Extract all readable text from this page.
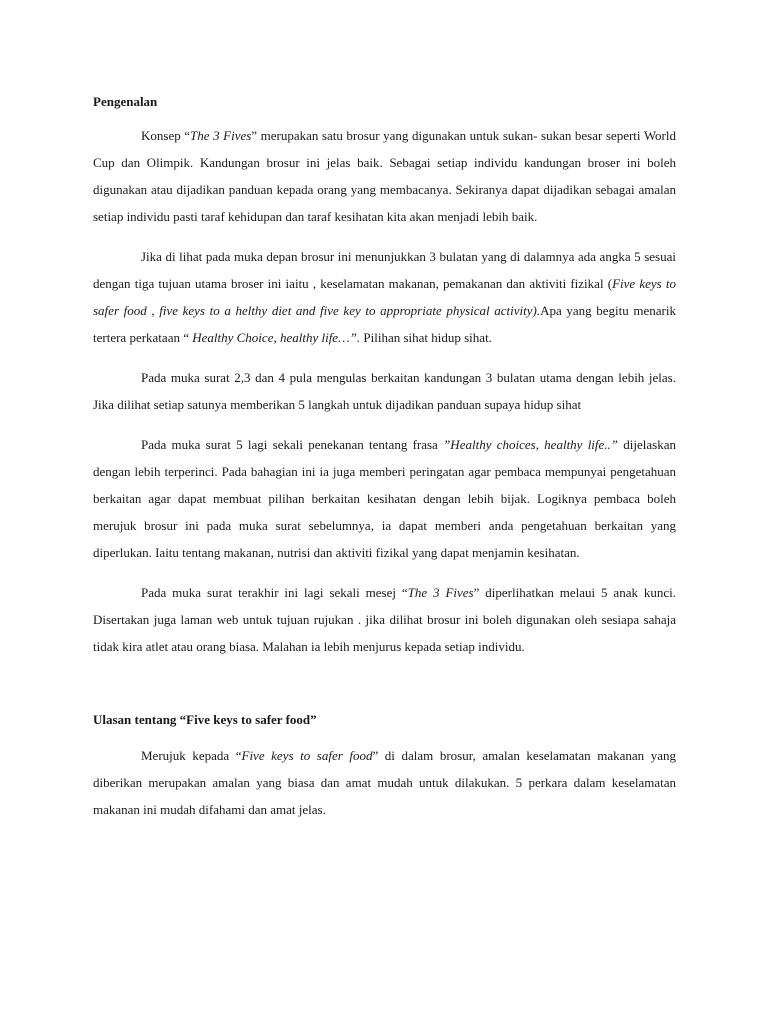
Pengenalan

Konsep “The 3 Fives” merupakan satu brosur yang digunakan untuk sukan- sukan besar seperti World Cup dan Olimpik. Kandungan brosur ini jelas baik. Sebagai setiap individu kandungan broser ini boleh digunakan atau dijadikan panduan kepada orang yang membacanya. Sekiranya dapat dijadikan sebagai amalan setiap individu pasti taraf kehidupan dan taraf kesihatan kita akan menjadi lebih baik.

Jika di lihat pada muka depan brosur ini menunjukkan 3 bulatan yang di dalamnya ada angka 5 sesuai dengan tiga tujuan utama broser ini iaitu , keselamatan makanan, pemakanan dan aktiviti fizikal (Five keys to safer food , five keys to a helthy diet and five key to appropriate physical activity).Apa yang begitu menarik tertera perkataan “ Healthy Choice, healthy life…”. Pilihan sihat hidup sihat.

Pada muka surat 2,3 dan 4 pula mengulas berkaitan kandungan 3 bulatan utama dengan lebih jelas. Jika dilihat setiap satunya memberikan 5 langkah untuk dijadikan panduan supaya hidup sihat

Pada muka surat 5 lagi sekali penekanan tentang frasa ”Healthy choices, healthy life..” dijelaskan dengan lebih terperinci. Pada bahagian ini ia juga memberi peringatan agar pembaca mempunyai pengetahuan berkaitan agar dapat membuat pilihan berkaitan kesihatan dengan lebih bijak. Logiknya pembaca boleh merujuk brosur ini pada muka surat sebelumnya, ia dapat memberi anda pengetahuan berkaitan yang diperlukan. Iaitu tentang makanan, nutrisi dan aktiviti fizikal yang dapat menjamin kesihatan.

Pada muka surat terakhir ini lagi sekali mesej “The 3 Fives” diperlihatkan melaui 5 anak kunci. Disertakan juga laman web untuk tujuan rujukan . jika dilihat brosur ini boleh digunakan oleh sesiapa sahaja tidak kira atlet atau orang biasa. Malahan ia lebih menjurus kepada setiap individu.

Ulasan tentang “Five keys to safer food”

Merujuk kepada “Five keys to safer food” di dalam brosur, amalan keselamatan makanan yang diberikan merupakan amalan yang biasa dan amat mudah untuk dilakukan. 5 perkara dalam keselamatan makanan ini mudah difahami dan amat jelas.
